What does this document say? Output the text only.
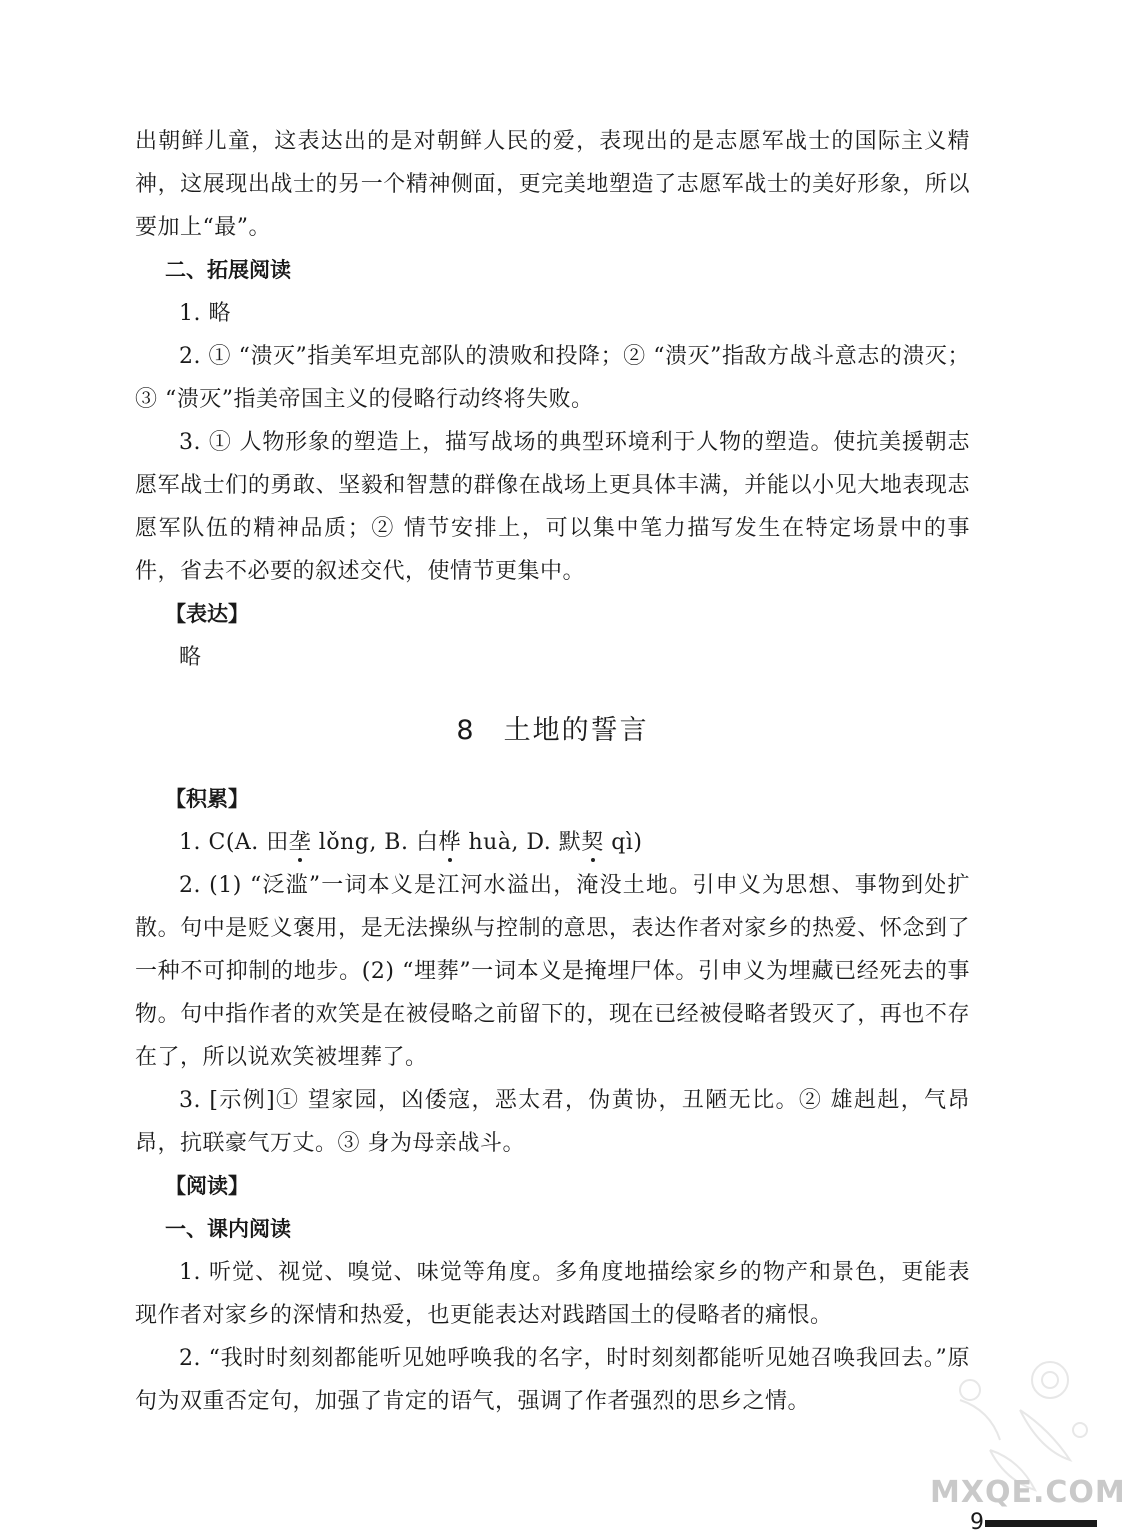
出朝鲜儿童，这表达出的是对朝鲜人民的爱，表现出的是志愿军战士的国际主义精神，这展现出战士的另一个精神侧面，更完美地塑造了志愿军战士的美好形象，所以要加上“最”。

二、拓展阅读

1. 略

2. ① “溃灭”指美军坦克部队的溃败和投降；② “溃灭”指敌方战斗意志的溃灭；③ “溃灭”指美帝国主义的侵略行动终将失败。

3. ① 人物形象的塑造上，描写战场的典型环境利于人物的塑造。使抗美援朝志愿军战士们的勇敢、坚毅和智慧的群像在战场上更具体丰满，并能以小见大地表现志愿军队伍的精神品质；② 情节安排上，可以集中笔力描写发生在特定场景中的事件，省去不必要的叙述交代，使情节更集中。

【表达】

略

8 土地的誓言

【积累】

1. C(A. 田垄 lǒng, B. 白桦 huà, D. 默契 qì)

2. (1) “泛滥”一词本义是江河水溢出，淹没土地。引申义为思想、事物到处扩散。句中是贬义褒用，是无法操纵与控制的意思，表达作者对家乡的热爱、怀念到了一种不可抑制的地步。(2) “埋葬”一词本义是掩埋尸体。引申义为埋藏已经死去的事物。句中指作者的欢笑是在被侵略之前留下的，现在已经被侵略者毁灭了，再也不存在了，所以说欢笑被埋葬了。

3. [示例]① 望家园，凶倭寇，恶太君，伪黄协，丑陋无比。② 雄赳赳，气昂昂，抗联豪气万丈。③ 身为母亲战斗。

【阅读】

一、课内阅读

1. 听觉、视觉、嗅觉、味觉等角度。多角度地描绘家乡的物产和景色，更能表现作者对家乡的深情和热爱，也更能表达对践踏国土的侵略者的痛恨。

2. “我时时刻刻都能听见她呼唤我的名字，时时刻刻都能听见她召唤我回去。”原句为双重否定句，加强了肯定的语气，强调了作者强烈的思乡之情。

MXQE.COM
9
